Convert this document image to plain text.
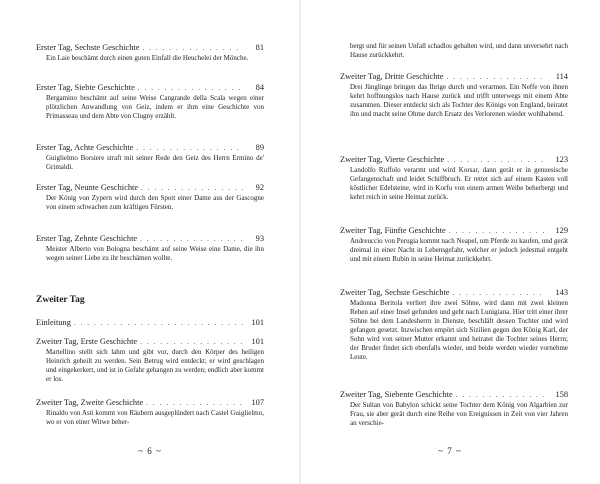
Erster Tag, Sechste Geschichte . . .	81
Ein Laie beschämt durch einen guten Einfall die Heuchelei der Mönche.
Erster Tag, Siebte Geschichte . . .	84
Bergamino beschämt auf seine Weise Cangrande della Scala wegen einer plötzlichen Anwandlung von Geiz, indem er ihm eine Geschichte von Primasseau und dem Abte von Clugny erzählt.
Erster Tag, Achte Geschichte . . .	89
Guiglielmo Borsiere straft mit seiner Rede den Geiz des Herrn Ermino de' Grimaldi.
Erster Tag, Neunte Geschichte . . .	92
Der König von Zypern wird durch den Spott einer Dame aus der Gascogne von einem schwachen zum kräftigen Fürsten.
Erster Tag, Zehnte Geschichte . . .	93
Meister Alberto von Bologna beschämt auf seine Weise eine Dame, die ihn wegen seiner Liebe zu ihr beschämen wollte.
Zweiter Tag
Einleitung . . .	101
Zweiter Tag, Erste Geschichte . . .	101
Martellino stellt sich lahm und gibt vor, durch den Körper des heiligen Heinrich geheilt zu werden. Sein Betrug wird entdeckt; er wird geschlagen und eingekerkert, und ist in Gefahr gehangen zu werden; endlich aber kommt er los.
Zweiter Tag, Zweite Geschichte . . .	107
Rinaldo von Asti kommt von Räubern ausgeplündert nach Castel Guiglielmo, wo er von einer Witwe beher-
~ 6 ~
bergt und für seinen Unfall schadlos gehalten wird, und dann unversehrt nach Hause zurückkehrt.
Zweiter Tag, Dritte Geschichte . . .	114
Drei Jünglinge bringen das Ihrige durch und verarmen. Ein Neffe von ihnen kehrt hoffnungslos nach Hause zurück und trifft unterwegs mit einem Abte zusammen. Dieser entdeckt sich als Tochter des Königs von England, heiratet ihn und macht seine Ohme durch Ersatz des Verlorenen wieder wohlhabend.
Zweiter Tag, Vierte Geschichte . . .	123
Landolfo Ruffolo verarmt und wird Korsar, dann gerät er in genuesische Gefangenschaft und leidet Schiffbruch. Er rettet sich auf einem Kasten voll köstlicher Edelsteine, wird in Korfu von einem armen Weibe beherbergt und kehrt reich in seine Heimat zurück.
Zweiter Tag, Fünfte Geschichte . . .	129
Andreuccio von Perugia kommt nach Neapel, um Pferde zu kaufen, und gerät dreimal in einer Nacht in Lebensgefahr, welcher er jedoch jedesmal entgeht und mit einem Rubin in seine Heimat zurückkehrt.
Zweiter Tag, Sechste Geschichte . . .	143
Madonna Beritola verliert ihre zwei Söhne, wird dann mit zwei kleinen Rehen auf einer Insel gefunden und geht nach Lunigiana. Hier tritt einer ihrer Söhne bei dem Landesherrn in Dienste, beschläft dessen Tochter und wird gefangen gesetzt. Inzwischen empört sich Sizilien gegen den König Karl, der Sohn wird von seiner Mutter erkannt und heiratet die Tochter seines Herrn; der Bruder findet sich ebenfalls wieder, und beide werden wieder vornehme Leute.
Zweiter Tag, Siebente Geschichte . . .	158
Der Sultan von Babylon schickt seine Tochter dem König von Algarbien zur Frau, sie aber gerät durch eine Reihe von Ereignissen in Zeit von vier Jahren an verschie-
~ 7 ~
